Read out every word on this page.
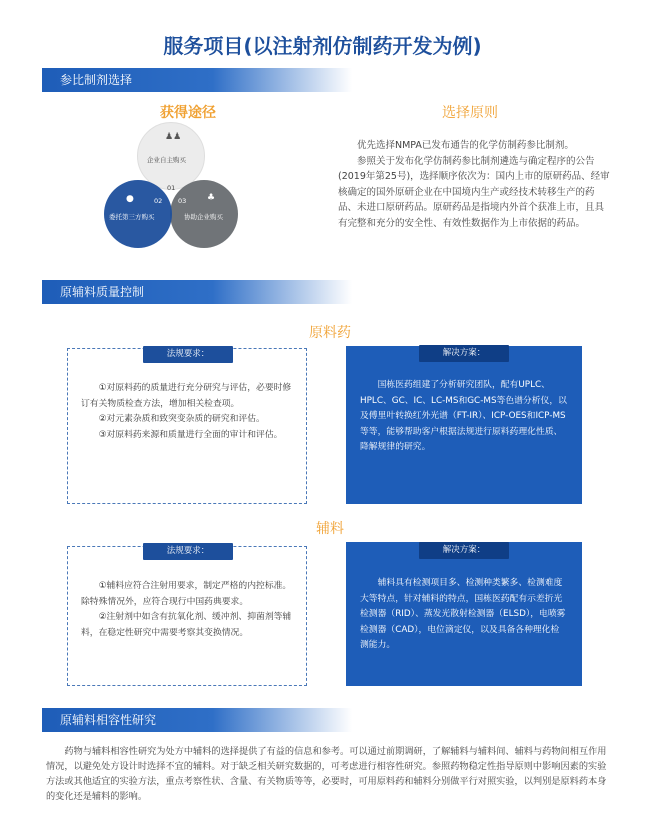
服务项目(以注射剂仿制药开发为例)
参比制剂选择
获得途径	选择原则
♟♟
企业自主购买
01
●	02
委托第三方购买
03 ♣
协助企业购买

优先选择NMPA已发布通告的化学仿制药参比制剂。

参照关于发布化学仿制药参比制剂遴选与确定程序的公告(2019年第25号)，选择顺序依次为：国内上市的原研药品、经审核确定的国外原研企业在中国境内生产或经技术转移生产的药品、未进口原研药品。原研药品是指境内外首个获准上市，且具有完整和充分的安全性、有效性数据作为上市依据的药品。

原辅料质量控制
原料药
法规要求：

①对原料药的质量进行充分研究与评估，必要时修订有关物质检查方法，增加相关检查项。

②对元素杂质和致突变杂质的研究和评估。

③对原料药来源和质量进行全面的审计和评估。

解决方案：

国栋医药组建了分析研究团队，配有UPLC、HPLC、GC、IC、LC-MS和GC-MS等色谱分析仪，以及傅里叶转换红外光谱（FT-IR）、ICP-OES和ICP-MS等等，能够帮助客户根据法规进行原料药理化性质、降解规律的研究。

辅料
法规要求：

①辅料应符合注射用要求，制定严格的内控标准。除特殊情况外，应符合现行中国药典要求。

②注射剂中如含有抗氧化剂、缓冲剂、抑菌剂等辅料，在稳定性研究中需要考察其变换情况。

解决方案：

辅料具有检测项目多、检测种类繁多、检测难度大等特点，针对辅料的特点，国栋医药配有示差折光检测器（RID）、蒸发光散射检测器（ELSD），电喷雾检测器（CAD），电位滴定仪，以及具备各种理化检测能力。

原辅料相容性研究

药物与辅料相容性研究为处方中辅料的选择提供了有益的信息和参考。可以通过前期调研，了解辅料与辅料间、辅料与药物间相互作用情况，以避免处方设计时选择不宜的辅料。对于缺乏相关研究数据的，可考虑进行相容性研究。参照药物稳定性指导原则中影响因素的实验方法或其他适宜的实验方法，重点考察性状、含量、有关物质等等，必要时，可用原料药和辅料分别做平行对照实验，以判别是原料药本身的变化还是辅料的影响。
